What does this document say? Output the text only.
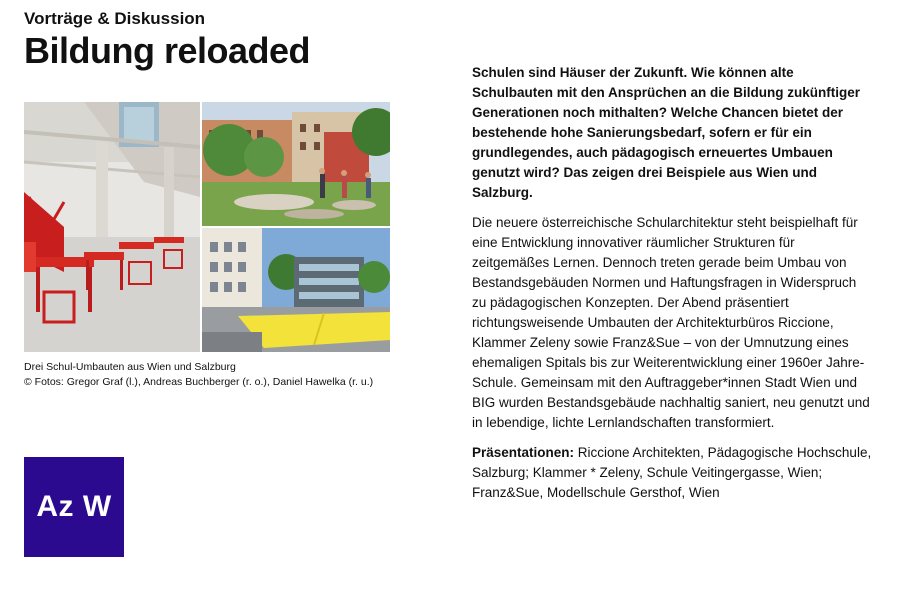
Vorträge & Diskussion
Bildung reloaded
Drei Schul-Umbauten aus Wien und Salzburg
© Fotos: Gregor Graf (l.), Andreas Buchberger (r. o.), Daniel Hawelka (r. u.)
Az W

Schulen sind Häuser der Zukunft. Wie können alte Schulbauten mit den Ansprüchen an die Bildung zukünftiger Generationen noch mithalten? Welche Chancen bietet der bestehende hohe Sanierungsbedarf, sofern er für ein grundlegendes, auch pädagogisch erneuertes Umbauen genutzt wird? Das zeigen drei Beispiele aus Wien und Salzburg.

Die neuere österreichische Schularchitektur steht beispielhaft für eine Entwicklung innovativer räumlicher Strukturen für zeitgemäßes Lernen. Dennoch treten gerade beim Umbau von Bestandsgebäuden Normen und Haftungsfragen in Widerspruch zu pädagogischen Konzepten. Der Abend präsentiert richtungsweisende Umbauten der Architekturbüros Riccione, Klammer Zeleny sowie Franz&Sue – von der Umnutzung eines ehemaligen Spitals bis zur Weiterentwicklung einer 1960er Jahre-Schule. Gemeinsam mit den Auftraggeber*innen Stadt Wien und BIG wurden Bestandsgebäude nachhaltig saniert, neu genutzt und in lebendige, lichte Lernlandschaften transformiert.

Präsentationen: Riccione Architekten, Pädagogische Hochschule, Salzburg; Klammer * Zeleny, Schule Veitingergasse, Wien; Franz&Sue, Modellschule Gersthof, Wien
